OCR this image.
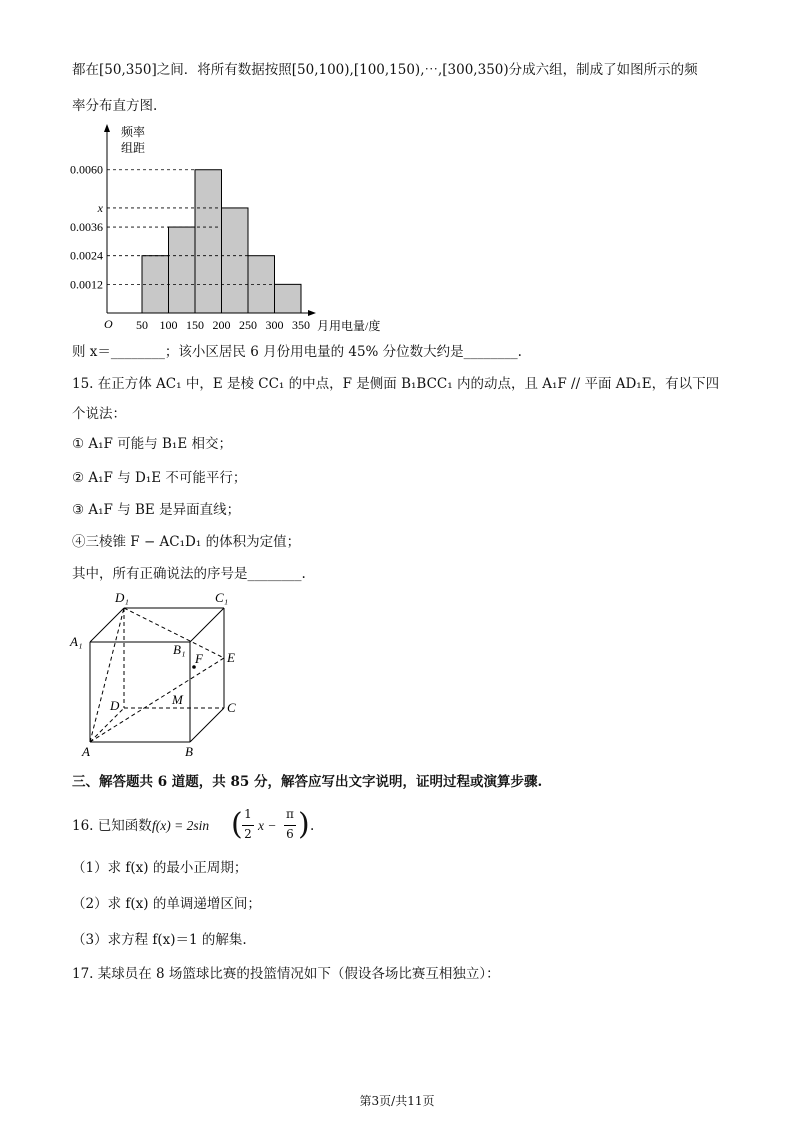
都在[50,350]之间．将所有数据按照[50,100),[100,150),⋯,[300,350)分成六组，制成了如图所示的频
率分布直方图.
频率
组距
O	月用电量/度
0.0060
x
0.0036
0.0024
0.0012
50 100 150 200 250 300 350
则 x＝________；该小区居民 6 月份用电量的 45% 分位数大约是________.
15. 在正方体 AC₁ 中，E 是棱 CC₁ 的中点，F 是侧面 B₁BCC₁ 内的动点，且 A₁F // 平面 AD₁E，有以下四
个说法：
① A₁F 可能与 B₁E 相交；
② A₁F 与 D₁E 不可能平行；
③ A₁F 与 BE 是异面直线；
④三棱锥 F − AC₁D₁ 的体积为定值；
其中，所有正确说法的序号是________.
D₁	C₁
A₁
B₁
F E
D	M
C
A	B
三、解答题共 6 道题，共 85 分，解答应写出文字说明，证明过程或演算步骤.
16. 已知函数 f(x) = 2sin ( 1
2
x −
π
6 ) .
（1）求 f(x) 的最小正周期；
（2）求 f(x) 的单调递增区间；
（3）求方程 f(x)＝1 的解集.
17. 某球员在 8 场篮球比赛的投篮情况如下（假设各场比赛互相独立）：
第3页/共11页
